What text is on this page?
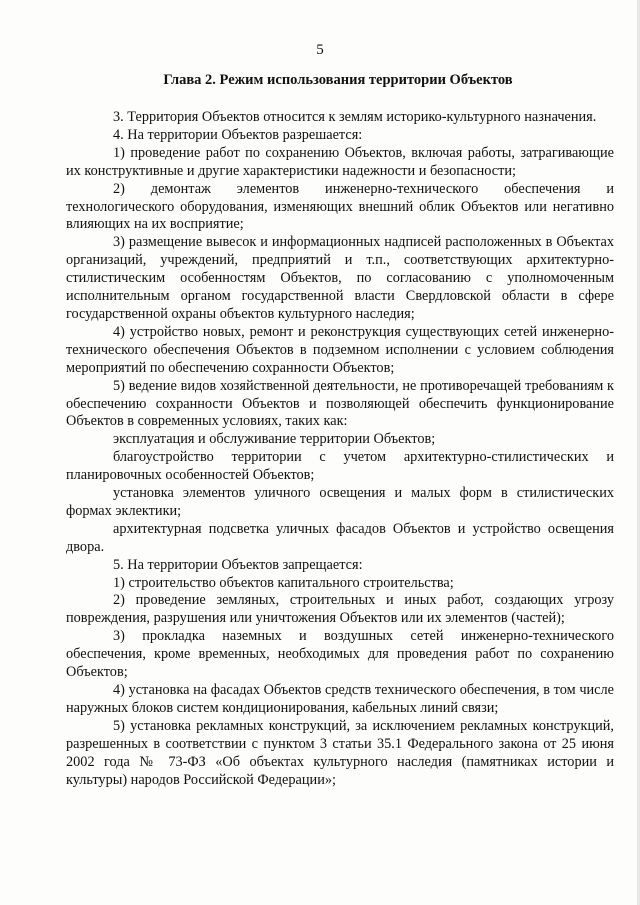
5
Глава 2. Режим использования территории Объектов

3. Территория Объектов относится к землям историко-культурного назначения.

4. На территории Объектов разрешается:

1) проведение работ по сохранению Объектов, включая работы, затрагивающие их конструктивные и другие характеристики надежности и безопасности;

2) демонтаж элементов инженерно-технического обеспечения и технологического оборудования, изменяющих внешний облик Объектов или негативно влияющих на их восприятие;

3) размещение вывесок и информационных надписей расположенных в Объектах организаций, учреждений, предприятий и т.п., соответствующих архитектурно-стилистическим особенностям Объектов, по согласованию с уполномоченным исполнительным органом государственной власти Свердловской области в сфере государственной охраны объектов культурного наследия;

4) устройство новых, ремонт и реконструкция существующих сетей инженерно-технического обеспечения Объектов в подземном исполнении с условием соблюдения мероприятий по обеспечению сохранности Объектов;

5) ведение видов хозяйственной деятельности, не противоречащей требованиям к обеспечению сохранности Объектов и позволяющей обеспечить функционирование Объектов в современных условиях, таких как:

эксплуатация и обслуживание территории Объектов;

благоустройство территории с учетом архитектурно-стилистических и планировочных особенностей Объектов;

установка элементов уличного освещения и малых форм в стилистических формах эклектики;

архитектурная подсветка уличных фасадов Объектов и устройство освещения двора.

5. На территории Объектов запрещается:

1) строительство объектов капитального строительства;

2) проведение земляных, строительных и иных работ, создающих угрозу повреждения, разрушения или уничтожения Объектов или их элементов (частей);

3) прокладка наземных и воздушных сетей инженерно-технического обеспечения, кроме временных, необходимых для проведения работ по сохранению Объектов;

4) установка на фасадах Объектов средств технического обеспечения, в том числе наружных блоков систем кондиционирования, кабельных линий связи;

5) установка рекламных конструкций, за исключением рекламных конструкций, разрешенных в соответствии с пунктом 3 статьи 35.1 Федерального закона от 25 июня 2002 года № 73-ФЗ «Об объектах культурного наследия (памятниках истории и культуры) народов Российской Федерации»;
